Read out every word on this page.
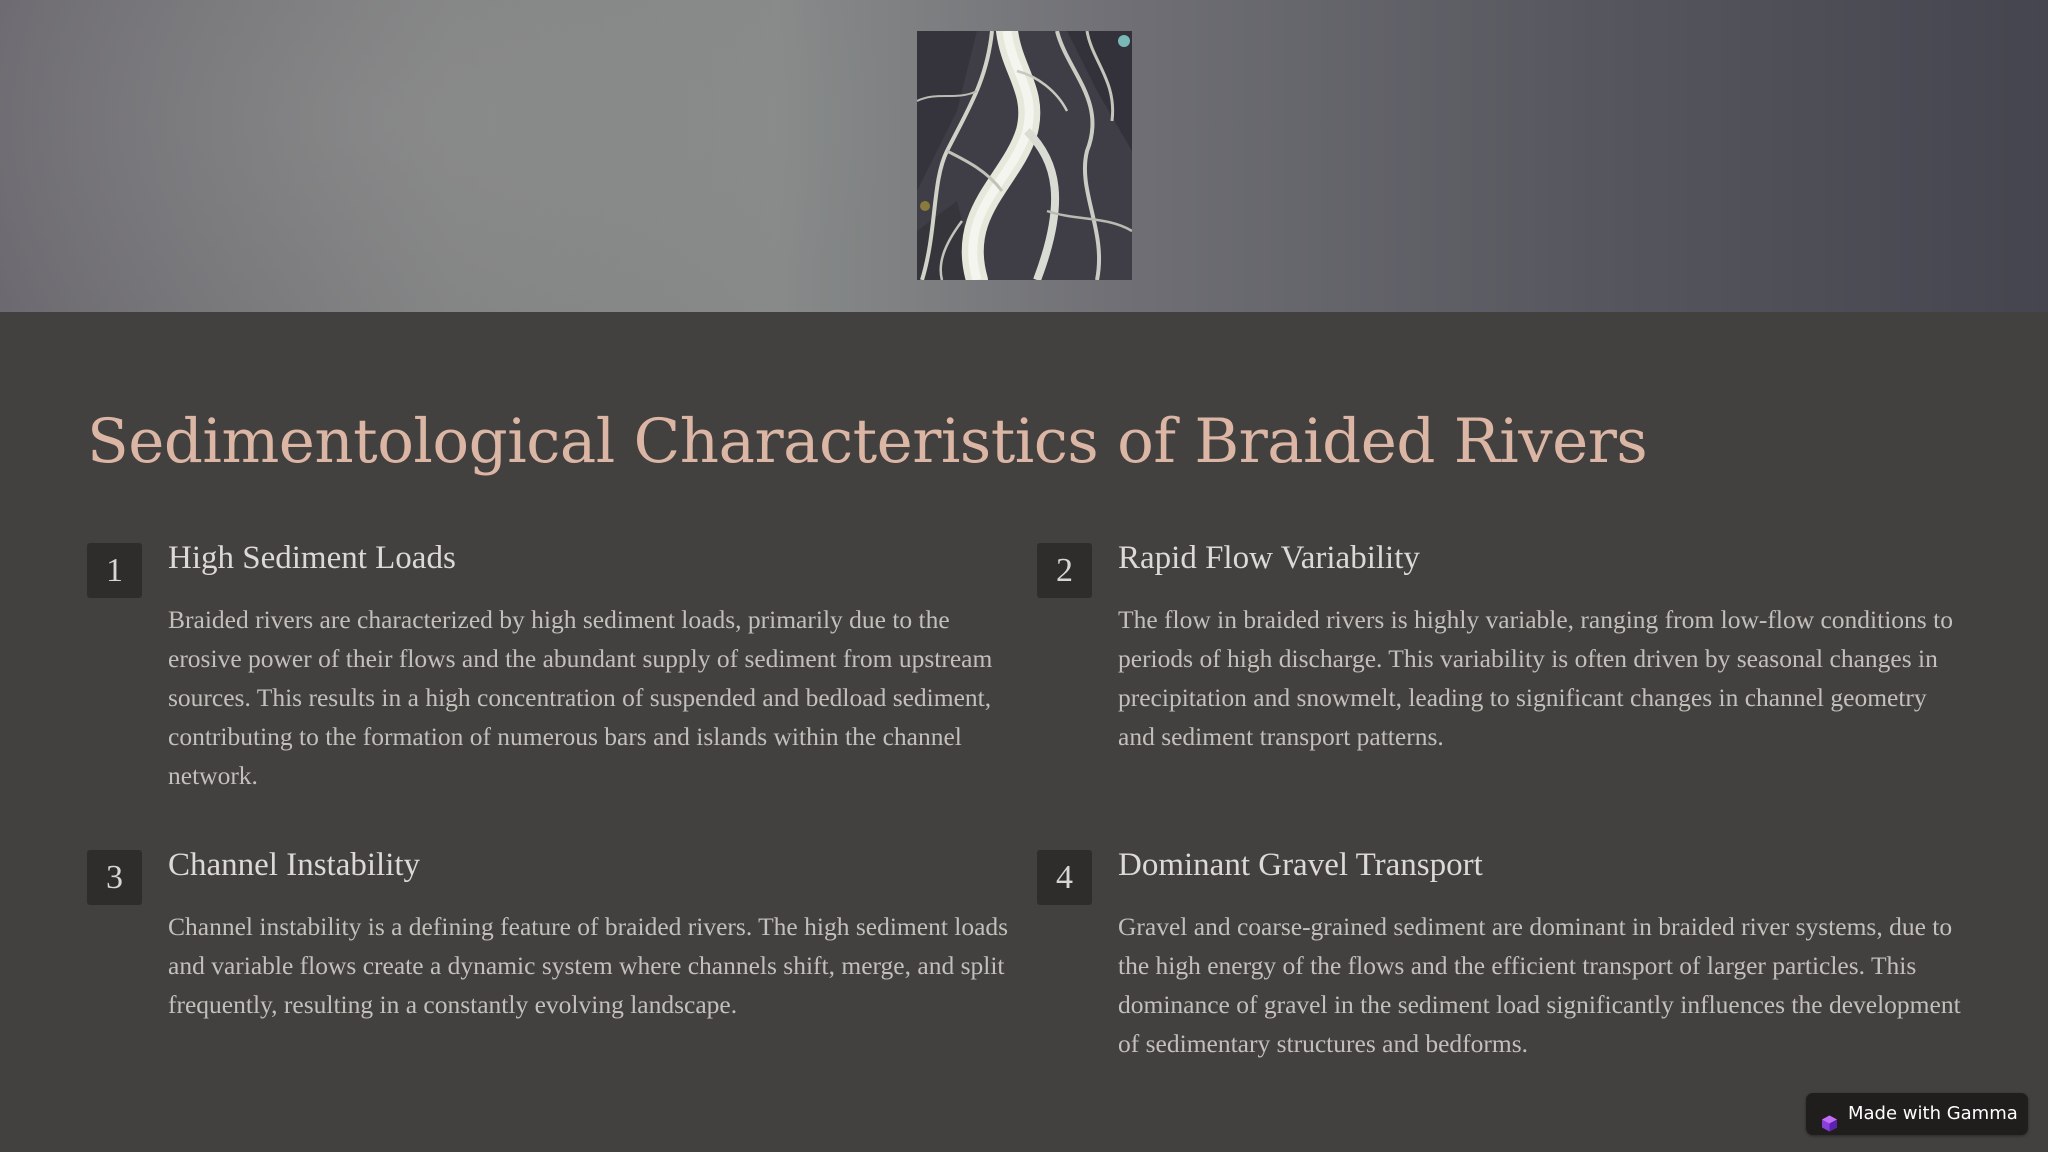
Sedimentological Characteristics of Braided Rivers
1	High Sediment Loads

Braided rivers are characterized by high sediment loads, primarily due to the erosive power of their flows and the abundant supply of sediment from upstream sources. This results in a high concentration of suspended and bedload sediment, contributing to the formation of numerous bars and islands within the channel network.

2	Rapid Flow Variability

The flow in braided rivers is highly variable, ranging from low-flow conditions to periods of high discharge. This variability is often driven by seasonal changes in precipitation and snowmelt, leading to significant changes in channel geometry and sediment transport patterns.

3	Channel Instability

Channel instability is a defining feature of braided rivers. The high sediment loads and variable flows create a dynamic system where channels shift, merge, and split frequently, resulting in a constantly evolving landscape.

4	Dominant Gravel Transport

Gravel and coarse-grained sediment are dominant in braided river systems, due to the high energy of the flows and the efficient transport of larger particles. This dominance of gravel in the sediment load significantly influences the development of sedimentary structures and bedforms.

Made with Gamma
